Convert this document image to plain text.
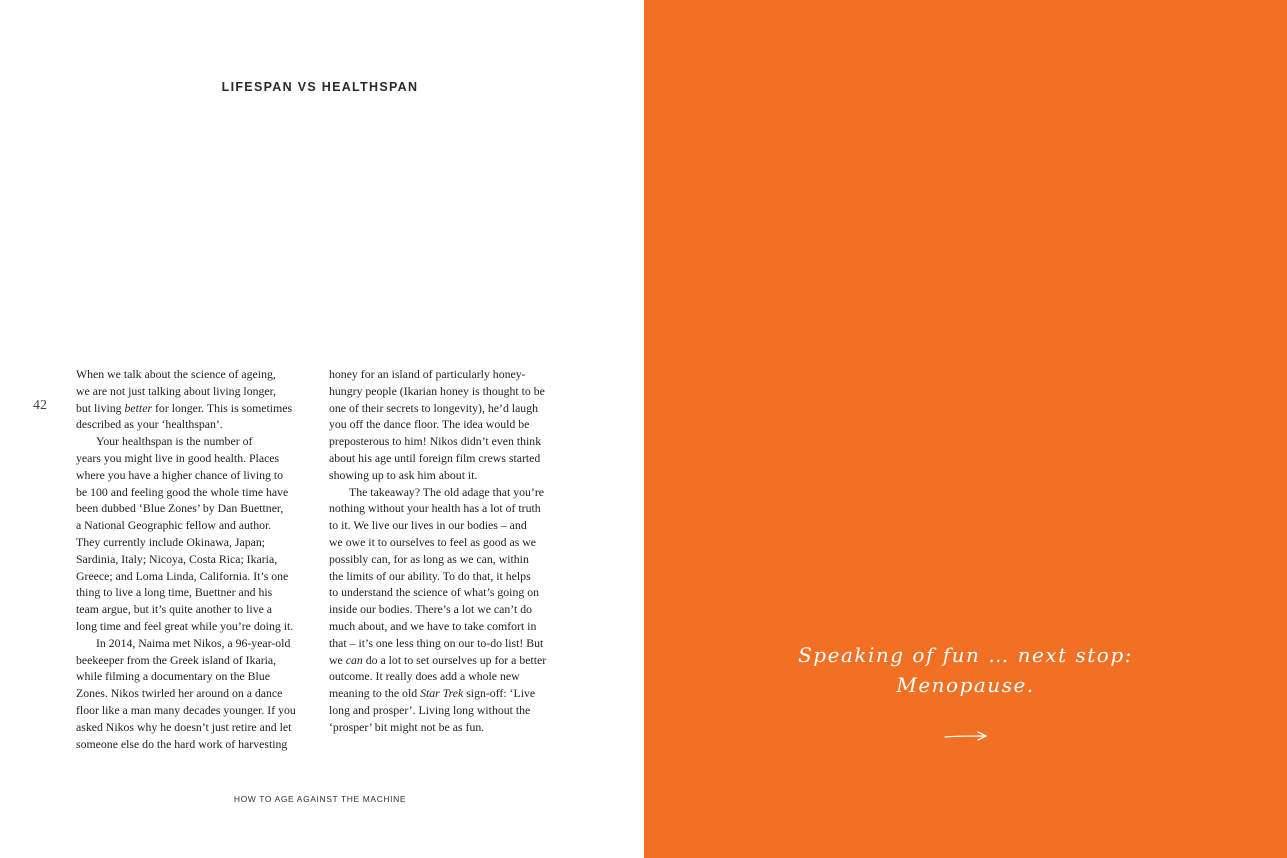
LIFESPAN VS HEALTHSPAN
42
When we talk about the science of ageing,
we are not just talking about living longer,
but living better for longer. This is sometimes
described as your ‘healthspan’.
Your healthspan is the number of
years you might live in good health. Places
where you have a higher chance of living to
be 100 and feeling good the whole time have
been dubbed ‘Blue Zones’ by Dan Buettner,
a National Geographic fellow and author.
They currently include Okinawa, Japan;
Sardinia, Italy; Nicoya, Costa Rica; Ikaria,
Greece; and Loma Linda, California. It’s one
thing to live a long time, Buettner and his
team argue, but it’s quite another to live a
long time and feel great while you’re doing it.
In 2014, Naima met Nikos, a 96-year-old
beekeeper from the Greek island of Ikaria,
while filming a documentary on the Blue
Zones. Nikos twirled her around on a dance
floor like a man many decades younger. If you
asked Nikos why he doesn’t just retire and let
someone else do the hard work of harvesting
honey for an island of particularly honey-
hungry people (Ikarian honey is thought to be
one of their secrets to longevity), he’d laugh
you off the dance floor. The idea would be
preposterous to him! Nikos didn’t even think
about his age until foreign film crews started
showing up to ask him about it.
The takeaway? The old adage that you’re
nothing without your health has a lot of truth
to it. We live our lives in our bodies – and
we owe it to ourselves to feel as good as we
possibly can, for as long as we can, within
the limits of our ability. To do that, it helps
to understand the science of what’s going on
inside our bodies. There’s a lot we can’t do
much about, and we have to take comfort in
that – it’s one less thing on our to-do list! But
we can do a lot to set ourselves up for a better
outcome. It really does add a whole new
meaning to the old Star Trek sign-off: ‘Live
long and prosper’. Living long without the
‘prosper’ bit might not be as fun.
HOW TO AGE AGAINST THE MACHINE
Speaking of fun … next stop:
Menopause.
